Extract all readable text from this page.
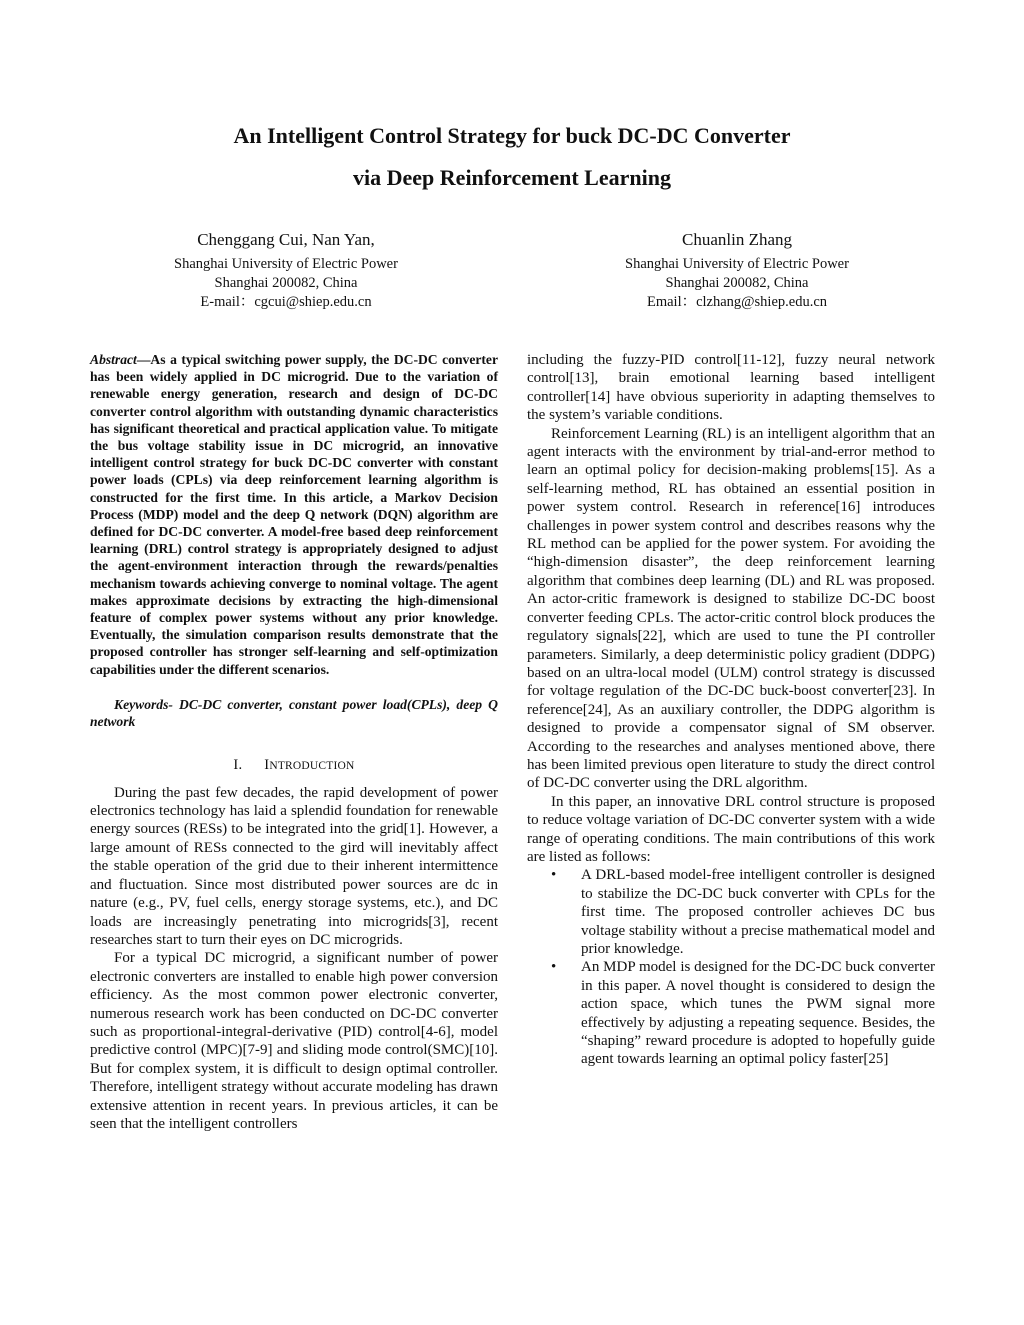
An Intelligent Control Strategy for buck DC-DC Converter
via Deep Reinforcement Learning
Chenggang Cui, Nan Yan,
Shanghai University of Electric Power
Shanghai 200082, China
E-mail：cgcui@shiep.edu.cn
Chuanlin Zhang
Shanghai University of Electric Power
Shanghai 200082, China
Email：clzhang@shiep.edu.cn

Abstract—As a typical switching power supply, the DC-DC converter has been widely applied in DC microgrid. Due to the variation of renewable energy generation, research and design of DC-DC converter control algorithm with outstanding dynamic characteristics has significant theoretical and practical application value. To mitigate the bus voltage stability issue in DC microgrid, an innovative intelligent control strategy for buck DC-DC converter with constant power loads (CPLs) via deep reinforcement learning algorithm is constructed for the first time. In this article, a Markov Decision Process (MDP) model and the deep Q network (DQN) algorithm are defined for DC-DC converter. A model-free based deep reinforcement learning (DRL) control strategy is appropriately designed to adjust the agent-environment interaction through the rewards/penalties mechanism towards achieving converge to nominal voltage. The agent makes approximate decisions by extracting the high-dimensional feature of complex power systems without any prior knowledge. Eventually, the simulation comparison results demonstrate that the proposed controller has stronger self-learning and self-optimization capabilities under the different scenarios.

Keywords- DC-DC converter, constant power load(CPLs), deep Q network

I. INTRODUCTION

During the past few decades, the rapid development of power electronics technology has laid a splendid foundation for renewable energy sources (RESs) to be integrated into the grid[1]. However, a large amount of RESs connected to the gird will inevitably affect the stable operation of the grid due to their inherent intermittence and fluctuation. Since most distributed power sources are dc in nature (e.g., PV, fuel cells, energy storage systems, etc.), and DC loads are increasingly penetrating into microgrids[3], recent researches start to turn their eyes on DC microgrids.

For a typical DC microgrid, a significant number of power electronic converters are installed to enable high power conversion efficiency. As the most common power electronic converter, numerous research work has been conducted on DC-DC converter such as proportional-integral-derivative (PID) control[4-6], model predictive control (MPC)[7-9] and sliding mode control(SMC)[10]. But for complex system, it is difficult to design optimal controller. Therefore, intelligent strategy without accurate modeling has drawn extensive attention in recent years. In previous articles, it can be seen that the intelligent controllers

including the fuzzy-PID control[11-12], fuzzy neural network control[13], brain emotional learning based intelligent controller[14] have obvious superiority in adapting themselves to the system’s variable conditions.

Reinforcement Learning (RL) is an intelligent algorithm that an agent interacts with the environment by trial-and-error method to learn an optimal policy for decision-making problems[15]. As a self-learning method, RL has obtained an essential position in power system control. Research in reference[16] introduces challenges in power system control and describes reasons why the RL method can be applied for the power system. For avoiding the “high-dimension disaster”, the deep reinforcement learning algorithm that combines deep learning (DL) and RL was proposed. An actor-critic framework is designed to stabilize DC-DC boost converter feeding CPLs. The actor-critic control block produces the regulatory signals[22], which are used to tune the PI controller parameters. Similarly, a deep deterministic policy gradient (DDPG) based on an ultra-local model (ULM) control strategy is discussed for voltage regulation of the DC-DC buck-boost converter[23]. In reference[24], As an auxiliary controller, the DDPG algorithm is designed to provide a compensator signal of SM observer. According to the researches and analyses mentioned above, there has been limited previous open literature to study the direct control of DC-DC converter using the DRL algorithm.

In this paper, an innovative DRL control structure is proposed to reduce voltage variation of DC-DC converter system with a wide range of operating conditions. The main contributions of this work are listed as follows:

• A DRL-based model-free intelligent controller is designed to stabilize the DC-DC buck converter with CPLs for the first time. The proposed controller achieves DC bus voltage stability without a precise mathematical model and prior knowledge.
• An MDP model is designed for the DC-DC buck converter in this paper. A novel thought is considered to design the action space, which tunes the PWM signal more effectively by adjusting a repeating sequence. Besides, the “shaping” reward procedure is adopted to hopefully guide agent towards learning an optimal policy faster[25]
